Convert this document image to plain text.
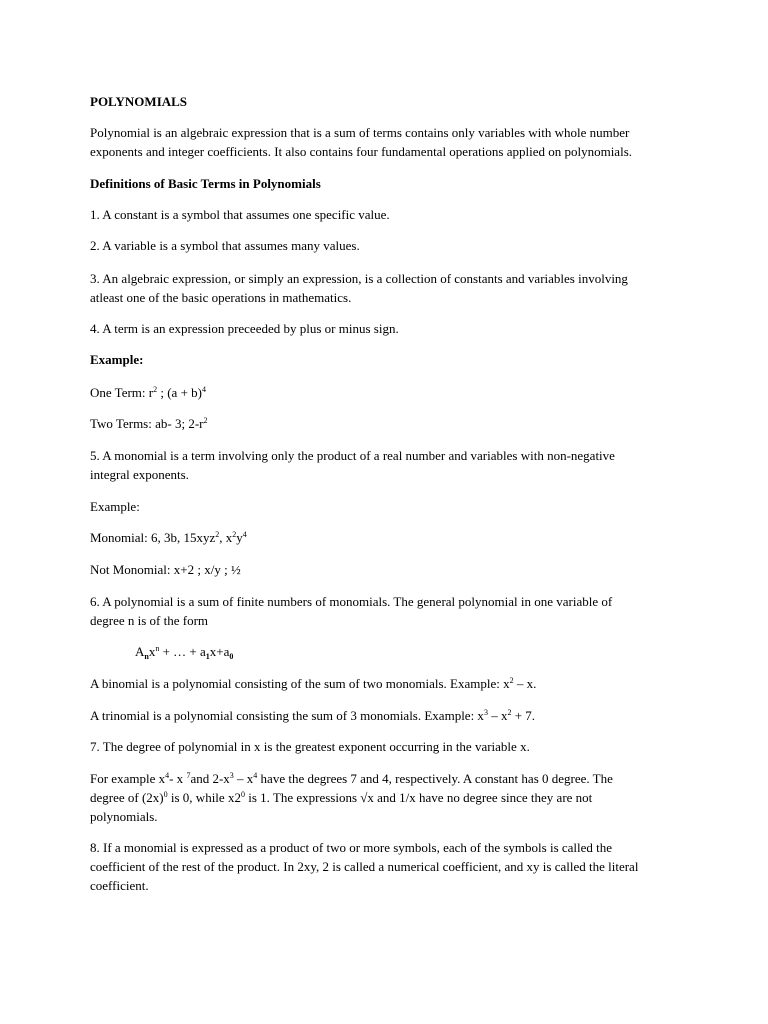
POLYNOMIALS

Polynomial is an algebraic expression that is a sum of terms contains only variables with whole number

exponents and integer coefficients. It also contains four fundamental operations applied on polynomials.

Definitions of Basic Terms in Polynomials

1. A constant is a symbol that assumes one specific value.

2. A variable is a symbol that assumes many values.

3. An algebraic expression, or simply an expression, is a collection of constants and variables involving

atleast one of the basic operations in mathematics.

4. A term is an expression preceeded by plus or minus sign.

Example:

One Term: $r^2$ ; $(a + b)^4$

Two Terms: ab- 3; $2-r^2$

5. A monomial is a term involving only the product of a real number and variables with non-negative

integral exponents.

Example:

Monomial: 6, 3b, 15xyz$^2$, $x^2y^4$

Not Monomial: x+2 ; x/y ; ½

6. A polynomial is a sum of finite numbers of monomials. The general polynomial in one variable of

degree n is of the form

$A_nx^n$ + … + $a_1x+a_0$

A binomial is a polynomial consisting of the sum of two monomials. Example: $x^2$ – x.

A trinomial is a polynomial consisting the sum of 3 monomials. Example: $x^3 - x^2 + 7$.

7. The degree of polynomial in x is the greatest exponent occurring in the variable x.

For example $x^4-$ x $^7$and $2-x^3 - x^4$ have the degrees 7 and 4, respectively. A constant has 0 degree. The

degree of $(2x)^0$ is 0, while $x2^0$ is 1. The expressions √x and 1/x have no degree since they are not

polynomials.

8. If a monomial is expressed as a product of two or more symbols, each of the symbols is called the

coefficient of the rest of the product. In 2xy, 2 is called a numerical coefficient, and xy is called the literal

coefficient.
